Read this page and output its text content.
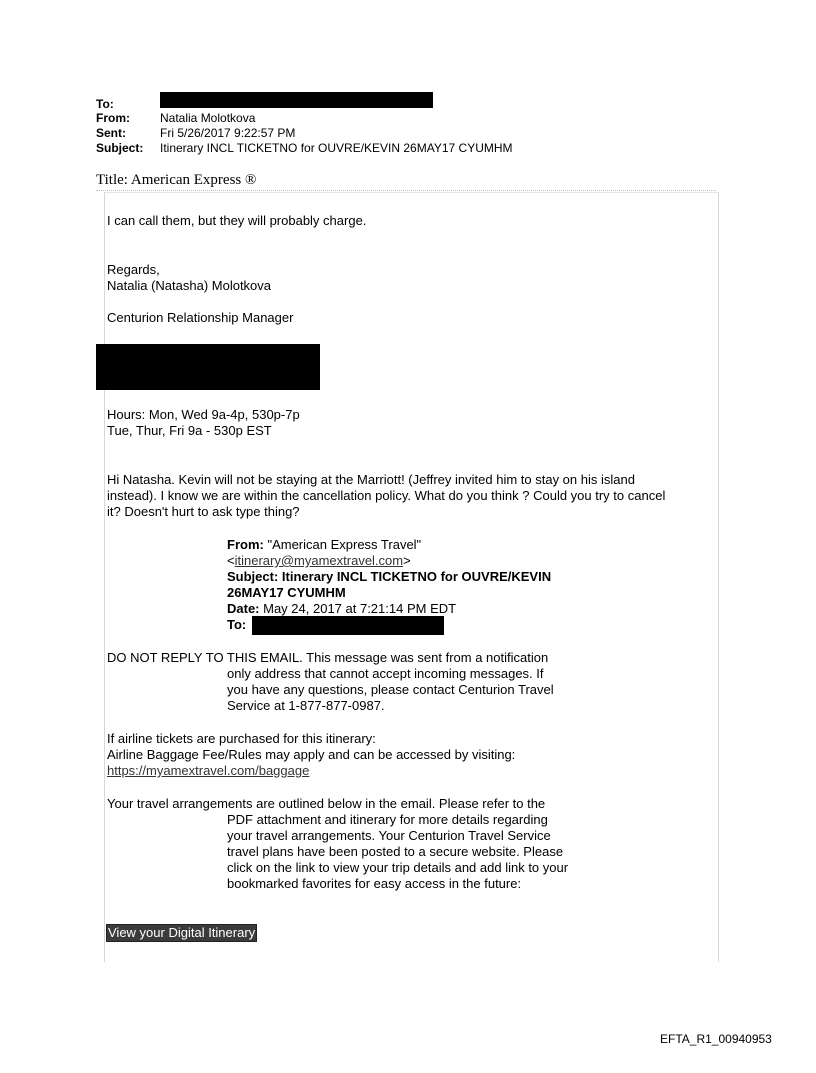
To:
From:	Natalia Molotkova
Sent:	Fri 5/26/2017 9:22:57 PM
Subject: Itinerary INCL TICKETNO for OUVRE/KEVIN 26MAY17 CYUMHM
Title: American Express ®
I can call them, but they will probably charge.
Regards,
Natalia (Natasha) Molotkova
Centurion Relationship Manager
Hours: Mon, Wed 9a-4p, 530p-7p
Tue, Thur, Fri 9a - 530p EST
Hi Natasha. Kevin will not be staying at the Marriott! (Jeffrey invited him to stay on his island
instead). I know we are within the cancellation policy. What do you think ? Could you try to cancel
it? Doesn't hurt to ask type thing?
From: "American Express Travel"
<itinerary@myamextravel.com>
Subject: Itinerary INCL TICKETNO for OUVRE/KEVIN
26MAY17 CYUMHM
Date: May 24, 2017 at 7:21:14 PM EDT
To:
DO NOT REPLY TO THIS EMAIL. This message was sent from a notification
only address that cannot accept incoming messages. If
you have any questions, please contact Centurion Travel
Service at 1-877-877-0987.
If airline tickets are purchased for this itinerary:
Airline Baggage Fee/Rules may apply and can be accessed by visiting:
https://myamextravel.com/baggage
Your travel arrangements are outlined below in the email. Please refer to the
PDF attachment and itinerary for more details regarding
your travel arrangements. Your Centurion Travel Service
travel plans have been posted to a secure website. Please
click on the link to view your trip details and add link to your
bookmarked favorites for easy access in the future:
View your Digital Itinerary
EFTA_R1_00940953
